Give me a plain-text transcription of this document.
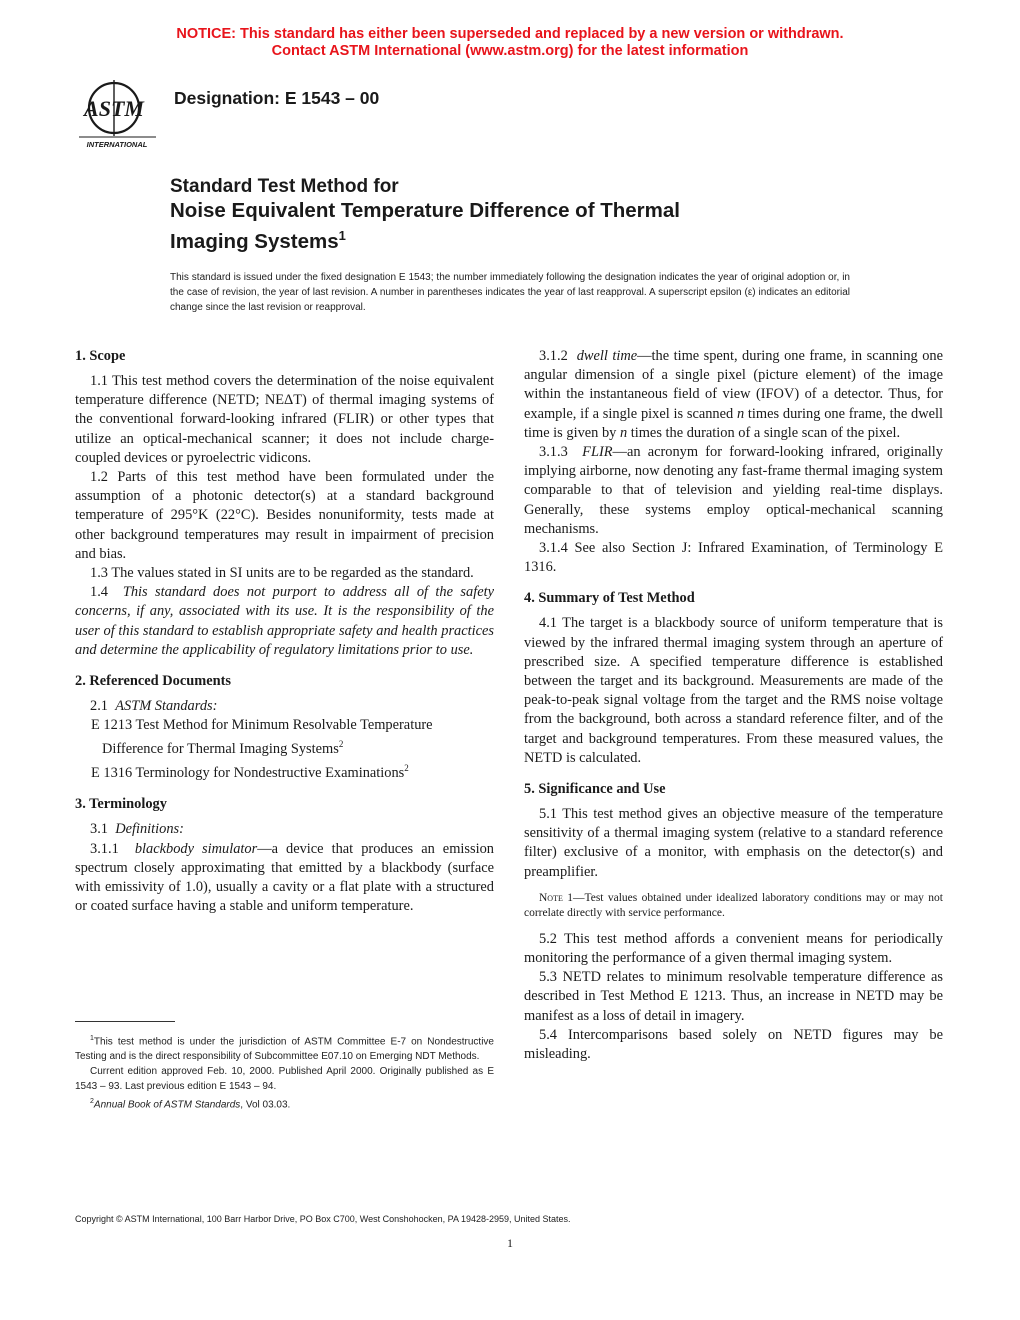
NOTICE: This standard has either been superseded and replaced by a new version or withdrawn.
Contact ASTM International (www.astm.org) for the latest information
ASTM
INTERNATIONAL
Designation: E 1543 – 00
Standard Test Method for
Noise Equivalent Temperature Difference of Thermal
Imaging Systems$^1$
This standard is issued under the fixed designation E 1543; the number immediately following the designation indicates the year of original adoption or, in the case of revision, the year of last revision. A number in parentheses indicates the year of last reapproval. A superscript epsilon (ε) indicates an editorial change since the last revision or reapproval.
1. Scope

1.1 This test method covers the determination of the noise equivalent temperature difference (NETD; NEΔT) of thermal imaging systems of the conventional forward-looking infrared (FLIR) or other types that utilize an optical-mechanical scanner; it does not include charge-coupled devices or pyroelectric vidicons.

1.2 Parts of this test method have been formulated under the assumption of a photonic detector(s) at a standard background temperature of 295°K (22°C). Besides nonuniformity, tests made at other background temperatures may result in impairment of precision and bias.

1.3 The values stated in SI units are to be regarded as the standard.

1.4 This standard does not purport to address all of the safety concerns, if any, associated with its use. It is the responsibility of the user of this standard to establish appropriate safety and health practices and determine the applicability of regulatory limitations prior to use.

2. Referenced Documents

2.1 ASTM Standards:

E 1213 Test Method for Minimum Resolvable Temperature Difference for Thermal Imaging Systems$^2$

E 1316 Terminology for Nondestructive Examinations$^2$

3. Terminology

3.1 Definitions:

3.1.1 blackbody simulator—a device that produces an emission spectrum closely approximating that emitted by a blackbody (surface with emissivity of 1.0), usually a cavity or a flat plate with a structured or coated surface having a stable and uniform temperature.

3.1.2 dwell time—the time spent, during one frame, in scanning one angular dimension of a single pixel (picture element) of the image within the instantaneous field of view (IFOV) of a detector. Thus, for example, if a single pixel is scanned n times during one frame, the dwell time is given by n times the duration of a single scan of the pixel.

3.1.3 FLIR—an acronym for forward-looking infrared, originally implying airborne, now denoting any fast-frame thermal imaging system comparable to that of television and yielding real-time displays. Generally, these systems employ optical-mechanical scanning mechanisms.

3.1.4 See also Section J: Infrared Examination, of Terminology E 1316.

4. Summary of Test Method

4.1 The target is a blackbody source of uniform temperature that is viewed by the infrared thermal imaging system through an aperture of prescribed size. A specified temperature difference is established between the target and its background. Measurements are made of the peak-to-peak signal voltage from the target and the RMS noise voltage from the background, both across a standard reference filter, and of the target and background temperatures. From these measured values, the NETD is calculated.

5. Significance and Use

5.1 This test method gives an objective measure of the temperature sensitivity of a thermal imaging system (relative to a standard reference filter) exclusive of a monitor, with emphasis on the detector(s) and preamplifier.

Note 1—Test values obtained under idealized laboratory conditions may or may not correlate directly with service performance.

5.2 This test method affords a convenient means for periodically monitoring the performance of a given thermal imaging system.

5.3 NETD relates to minimum resolvable temperature difference as described in Test Method E 1213. Thus, an increase in NETD may be manifest as a loss of detail in imagery.

5.4 Intercomparisons based solely on NETD figures may be misleading.

$^1$This test method is under the jurisdiction of ASTM Committee E-7 on Nondestructive Testing and is the direct responsibility of Subcommittee E07.10 on Emerging NDT Methods.

Current edition approved Feb. 10, 2000. Published April 2000. Originally published as E 1543 – 93. Last previous edition E 1543 – 94.

$^2$Annual Book of ASTM Standards, Vol 03.03.

Copyright © ASTM International, 100 Barr Harbor Drive, PO Box C700, West Conshohocken, PA 19428-2959, United States.
1
